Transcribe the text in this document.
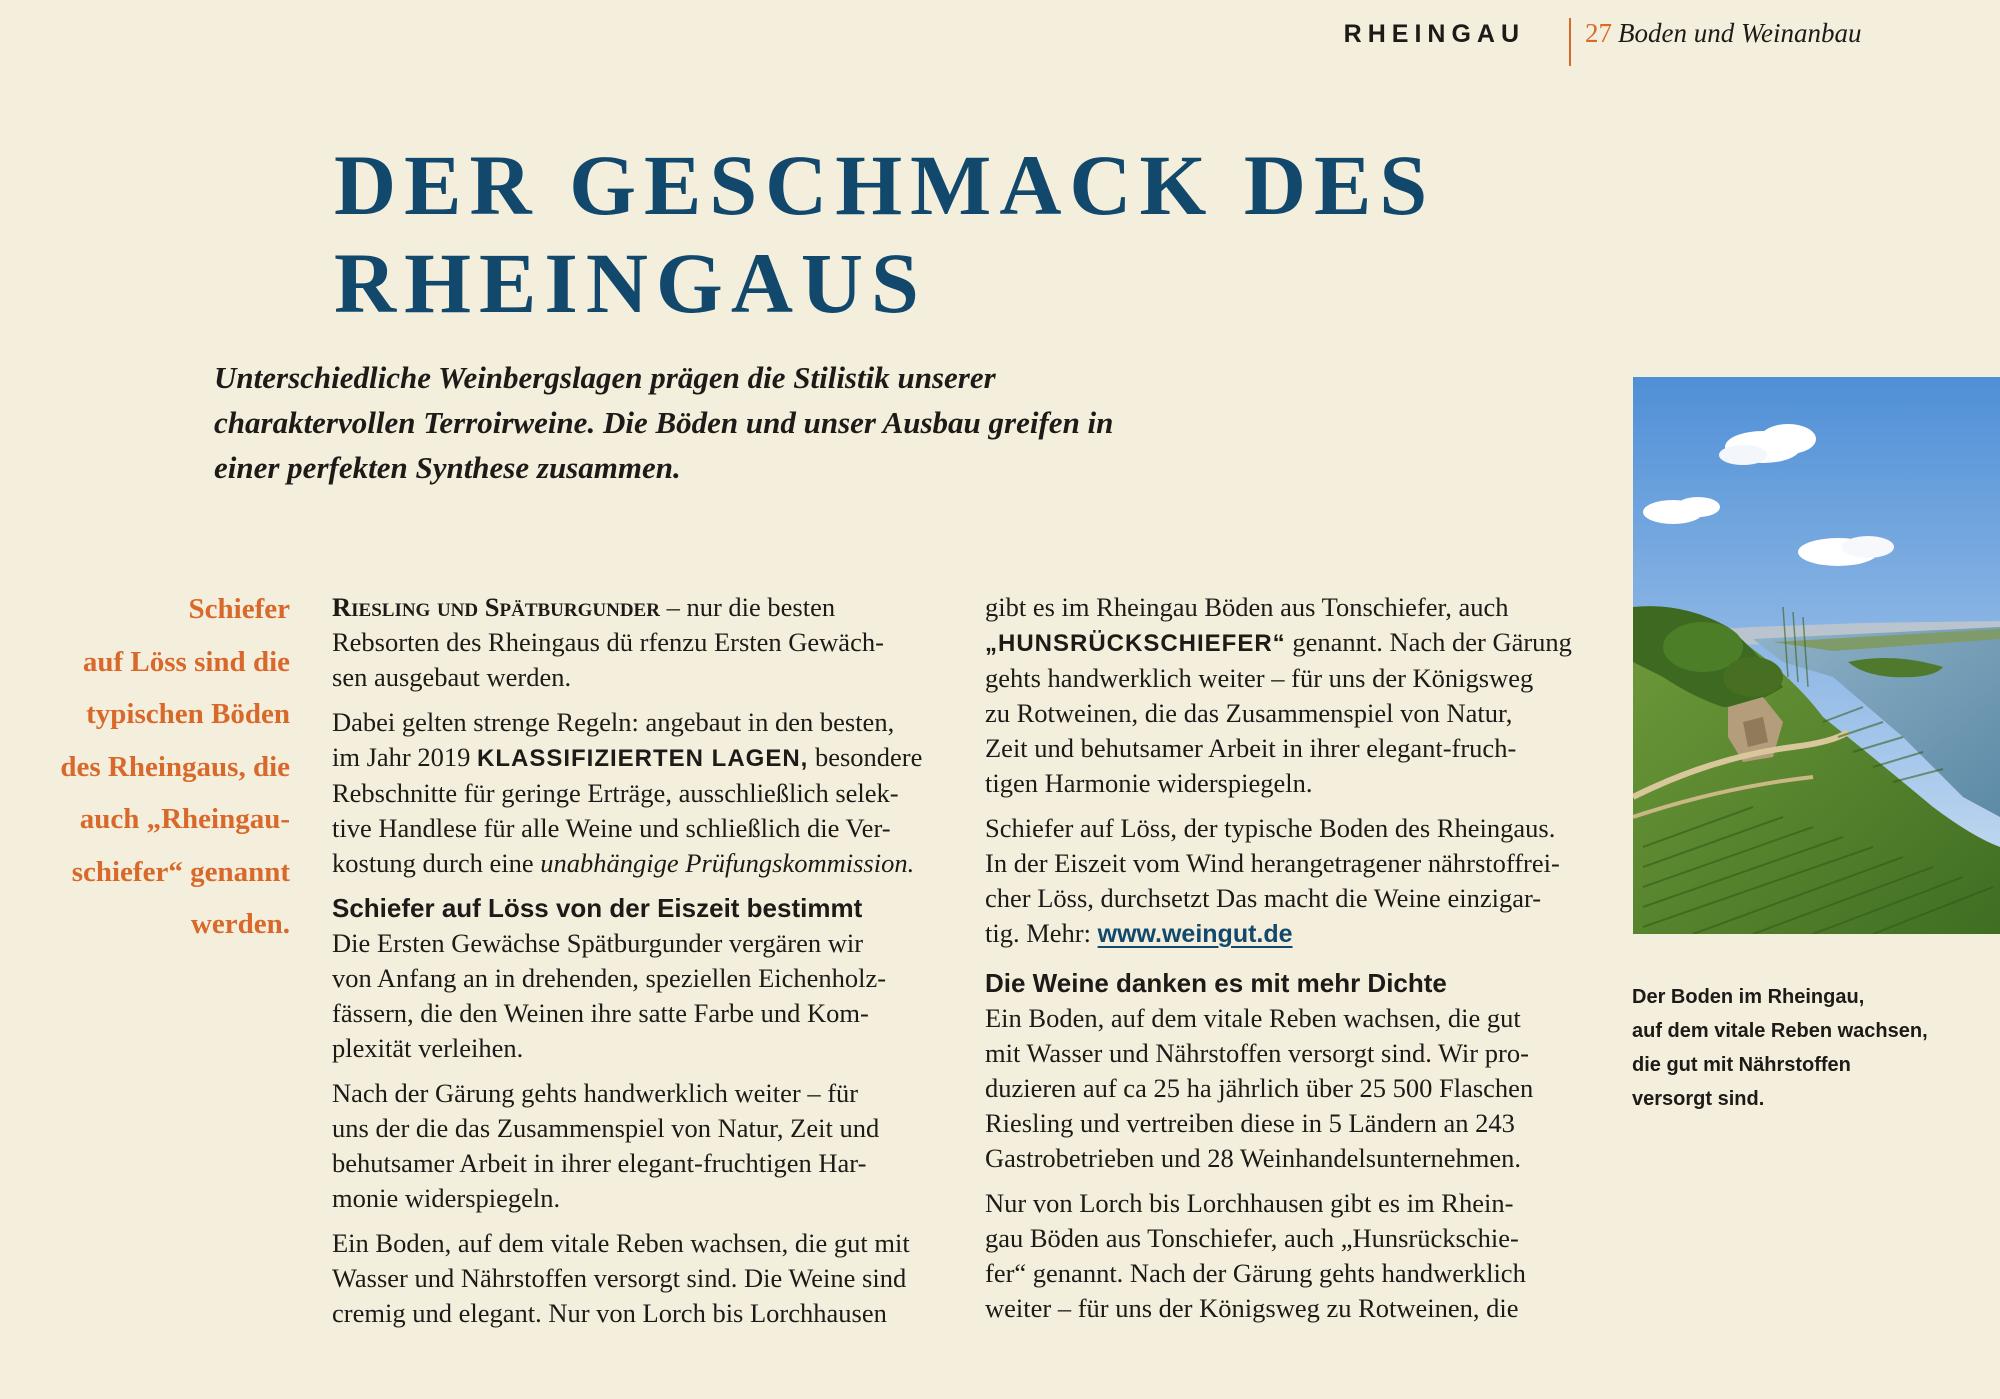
RHEINGAU 27 Boden und Weinanbau
DER GESCHMACK DES
RHEINGAUS

Unterschiedliche Weinbergslagen prägen die Stilistik unserer
charaktervollen Terroirweine. Die Böden und unser Ausbau greifen in
einer perfekten Synthese zusammen.

Schiefer
auf Löss sind die
typischen Böden
des Rheingaus, die
auch „Rheingau-
schiefer“ genannt
werden.

Riesling und Spätburgunder – nur die besten
Rebsorten des Rheingaus dü rfenzu Ersten Gewäch-
sen ausgebaut werden.

Dabei gelten strenge Regeln: angebaut in den besten,
im Jahr 2019 KLASSIFIZIERTEN LAGEN, besondere
Rebschnitte für geringe Erträge, ausschließlich selek-
tive Handlese für alle Weine und schließlich die Ver-
kostung durch eine unabhängige Prüfungskommission.

Schiefer auf Löss von der Eiszeit bestimmt

Die Ersten Gewächse Spätburgunder vergären wir
von Anfang an in drehenden, speziellen Eichenholz-
fässern, die den Weinen ihre satte Farbe und Kom-
plexität verleihen.

Nach der Gärung gehts handwerklich weiter – für
uns der die das Zusammenspiel von Natur, Zeit und
behutsamer Arbeit in ihrer elegant-fruchtigen Har-
monie widerspiegeln.

Ein Boden, auf dem vitale Reben wachsen, die gut mit
Wasser und Nährstoffen versorgt sind. Die Weine sind
cremig und elegant. Nur von Lorch bis Lorchhausen

gibt es im Rheingau Böden aus Tonschiefer, auch
„HUNSRÜCKSCHIEFER“ genannt. Nach der Gärung
gehts handwerklich weiter – für uns der Königsweg
zu Rotweinen, die das Zusammenspiel von Natur,
Zeit und behutsamer Arbeit in ihrer elegant-fruch-
tigen Harmonie widerspiegeln.

Schiefer auf Löss, der typische Boden des Rheingaus.
In der Eiszeit vom Wind herangetragener nährstoffrei-
cher Löss, durchsetzt Das macht die Weine einzigar-
tig. Mehr: www.weingut.de

Die Weine danken es mit mehr Dichte

Ein Boden, auf dem vitale Reben wachsen, die gut
mit Wasser und Nährstoffen versorgt sind. Wir pro-
duzieren auf ca 25 ha jährlich über 25 500 Flaschen
Riesling und vertreiben diese in 5 Ländern an 243
Gastrobetrieben und 28 Weinhandelsunternehmen.

Nur von Lorch bis Lorchhausen gibt es im Rhein-
gau Böden aus Tonschiefer, auch „Hunsrückschie-
fer“ genannt. Nach der Gärung gehts handwerklich
weiter – für uns der Königsweg zu Rotweinen, die

Der Boden im Rheingau,
auf dem vitale Reben wachsen,
die gut mit Nährstoffen
versorgt sind.
